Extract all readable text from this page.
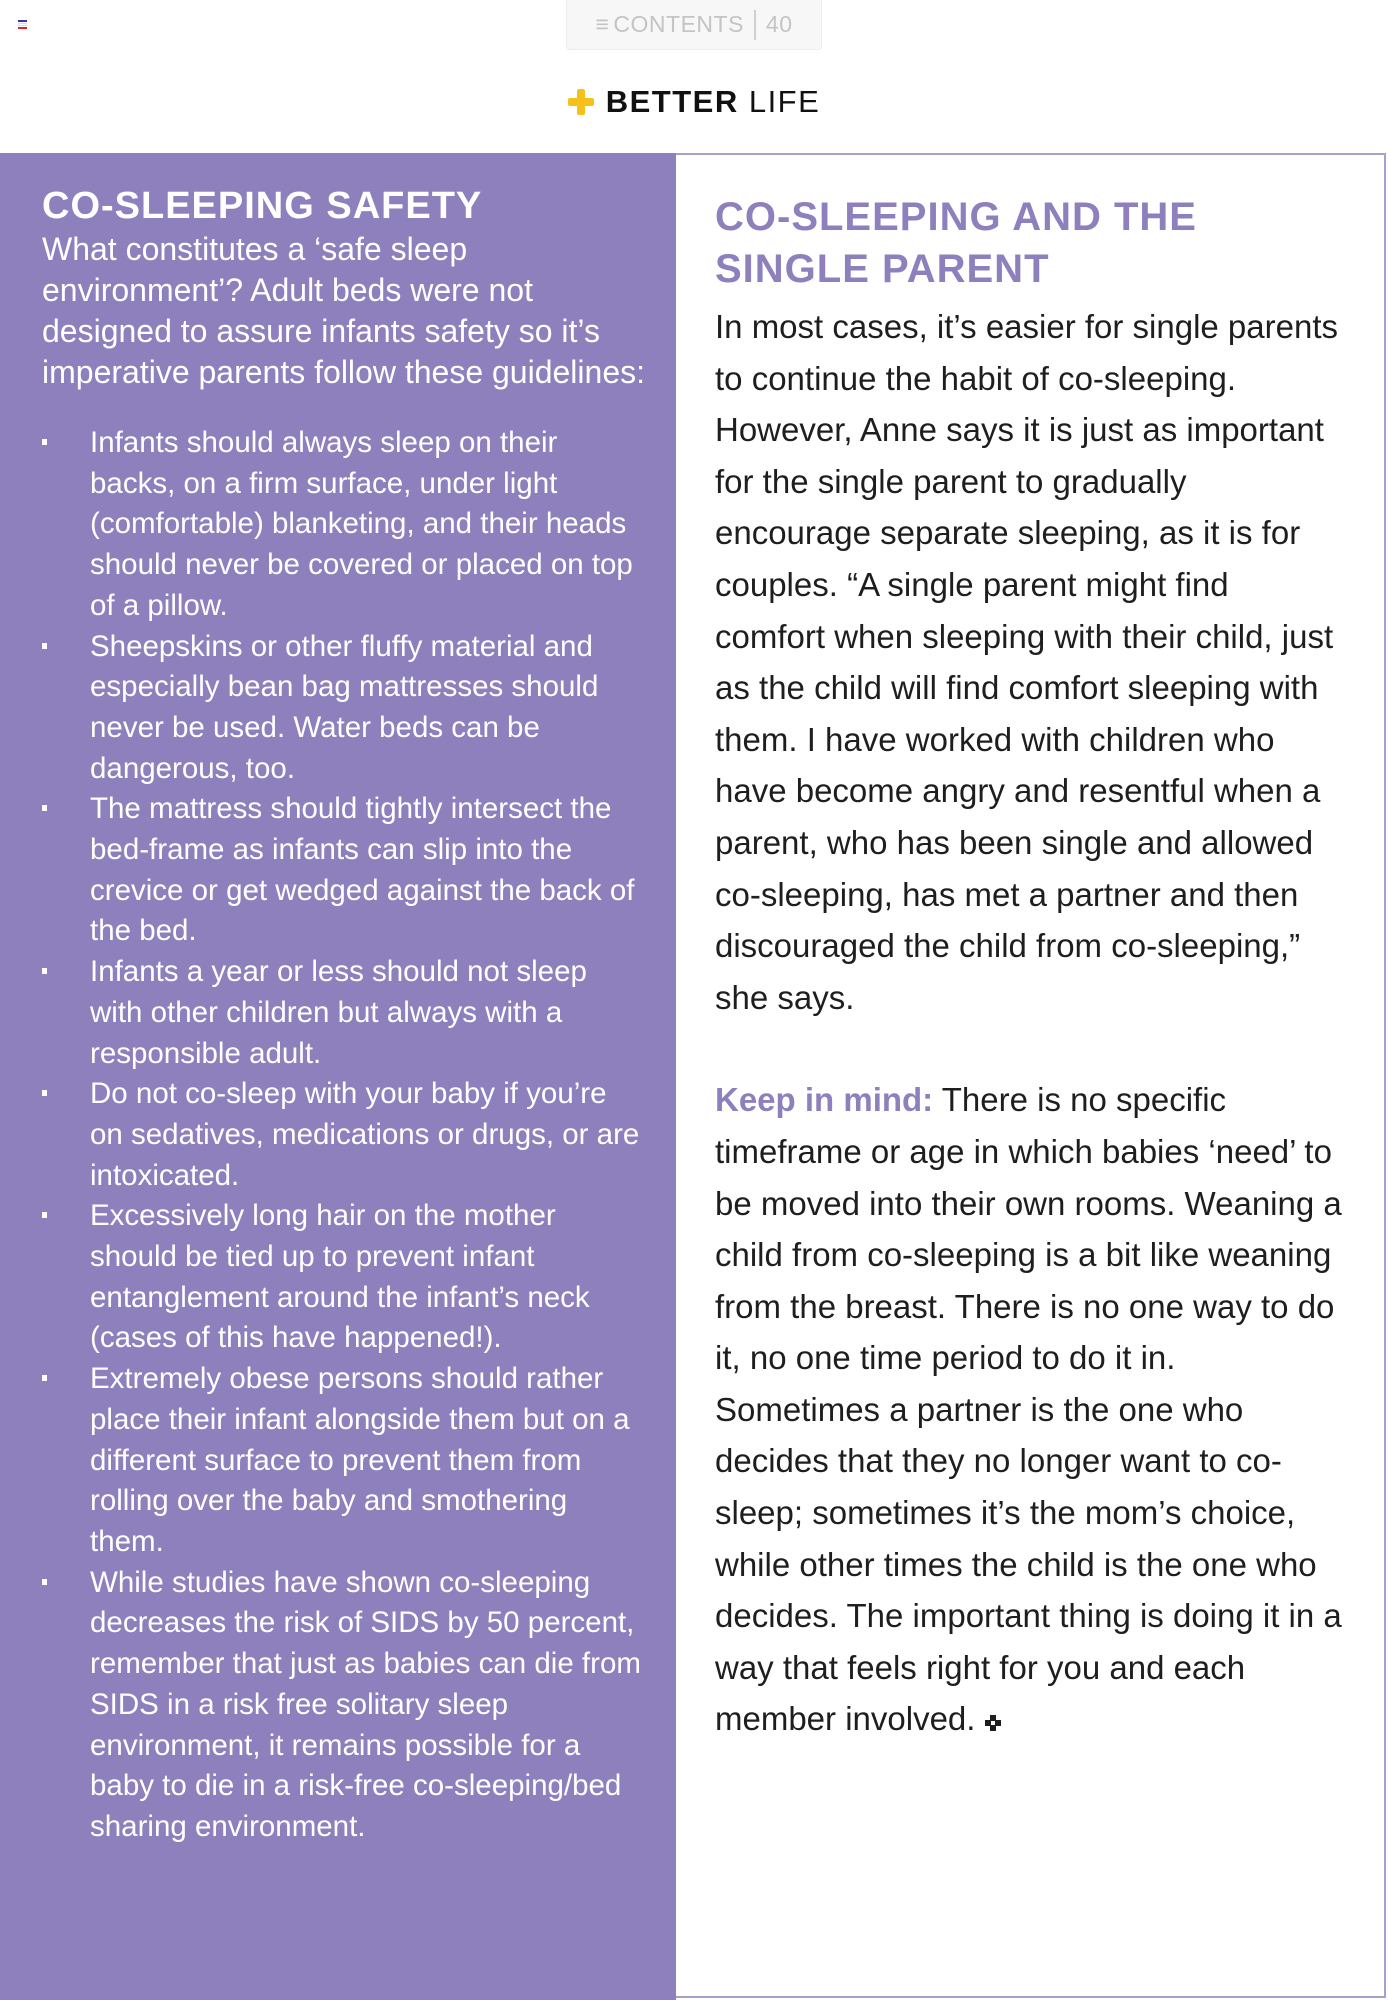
≡ CONTENTS 40
BETTER LIFE
CO-SLEEPING SAFETY

What constitutes a ‘safe sleep environment’? Adult beds were not designed to assure infants safety so it’s imperative parents follow these guidelines:

Infants should always sleep on their backs, on a firm surface, under light (comfortable) blanketing, and their heads should never be covered or placed on top of a pillow.
Sheepskins or other fluffy material and especially bean bag mattresses should never be used. Water beds can be dangerous, too.
The mattress should tightly intersect the bed-frame as infants can slip into the crevice or get wedged against the back of the bed.
Infants a year or less should not sleep with other children but always with a responsible adult.
Do not co-sleep with your baby if you’re on sedatives, medications or drugs, or are intoxicated.
Excessively long hair on the mother should be tied up to prevent infant entanglement around the infant’s neck (cases of this have happened!).
Extremely obese persons should rather place their infant alongside them but on a different surface to prevent them from rolling over the baby and smothering them.
While studies have shown co-sleeping decreases the risk of SIDS by 50 percent, remember that just as babies can die from SIDS in a risk free solitary sleep environment, it remains possible for a baby to die in a risk-free co-sleeping/bed sharing environment.
CO-SLEEPING AND THE SINGLE PARENT

In most cases, it’s easier for single parents to continue the habit of co-sleeping. However, Anne says it is just as important for the single parent to gradually encourage separate sleeping, as it is for couples. “A single parent might find comfort when sleeping with their child, just as the child will find comfort sleeping with them. I have worked with children who have become angry and resentful when a parent, who has been single and allowed co-sleeping, has met a partner and then discouraged the child from co-sleeping,” she says.

Keep in mind: There is no specific timeframe or age in which babies ‘need’ to be moved into their own rooms. Weaning a child from co-sleeping is a bit like weaning from the breast. There is no one way to do it, no one time period to do it in. Sometimes a partner is the one who decides that they no longer want to co-sleep; sometimes it’s the mom’s choice, while other times the child is the one who decides. The important thing is doing it in a way that feels right for you and each member involved.
